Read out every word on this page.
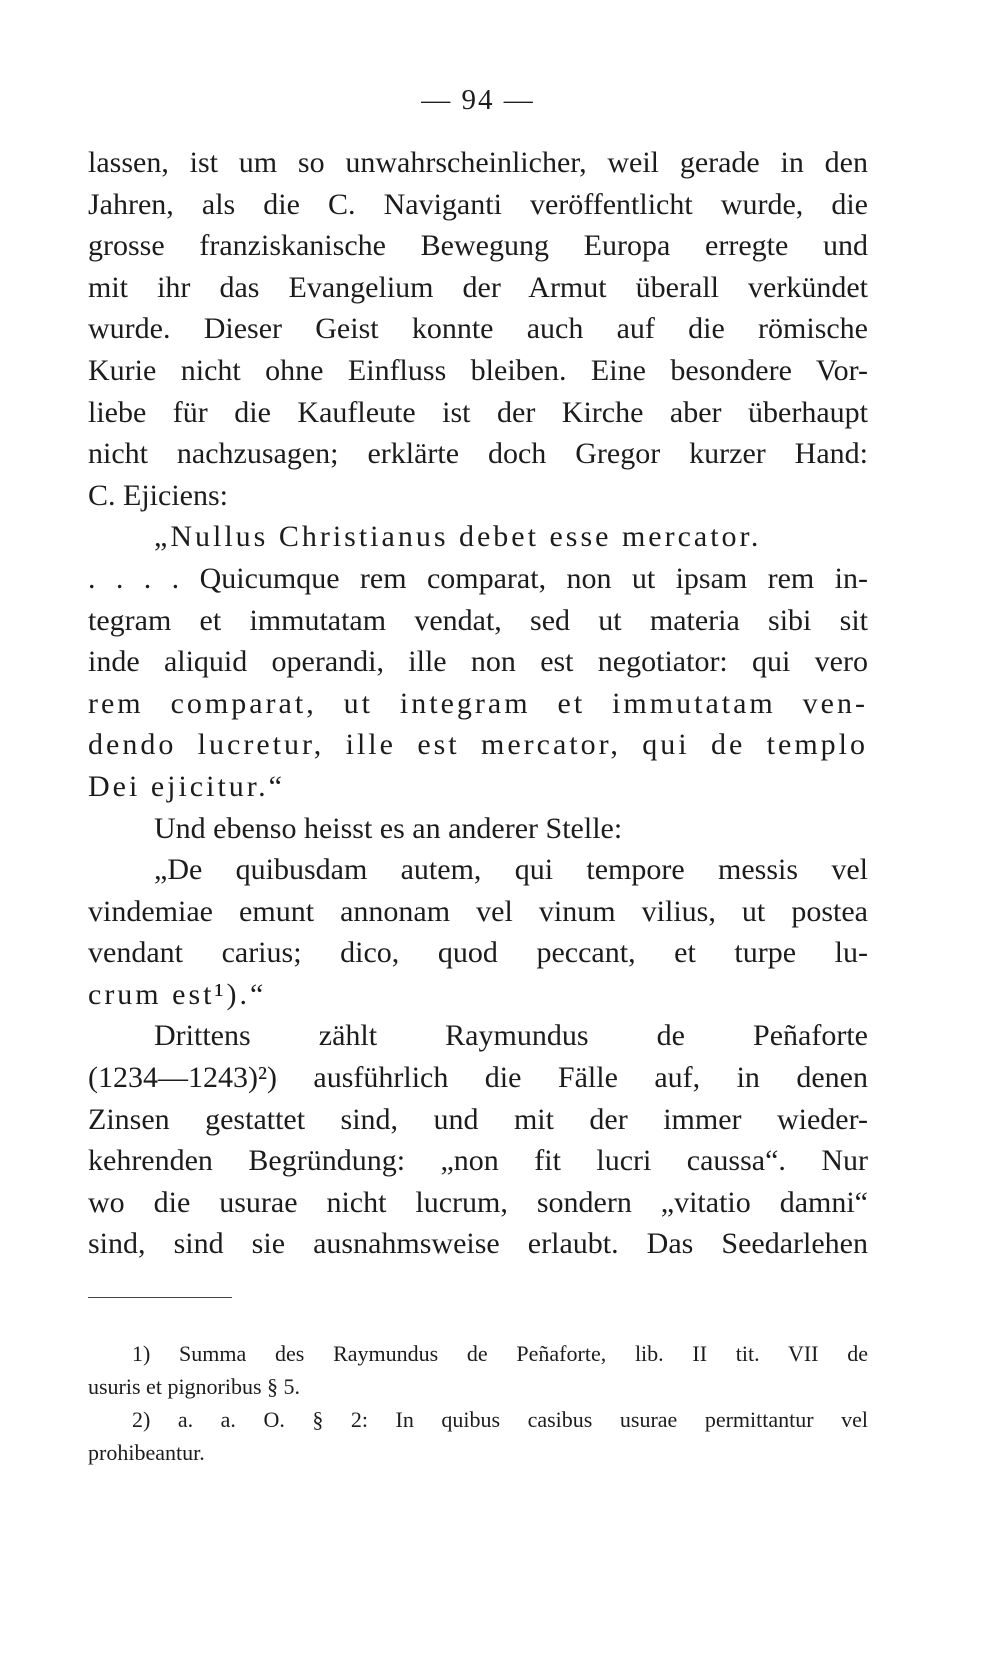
— 94 —
lassen, ist um so unwahrscheinlicher, weil gerade in den
Jahren, als die C. Naviganti veröffentlicht wurde, die
grosse franziskanische Bewegung Europa erregte und
mit ihr das Evangelium der Armut überall verkündet
wurde. Dieser Geist konnte auch auf die römische
Kurie nicht ohne Einfluss bleiben. Eine besondere Vor-
liebe für die Kaufleute ist der Kirche aber überhaupt
nicht nachzusagen; erklärte doch Gregor kurzer Hand:
C. Ejiciens:
„Nullus Christianus debet esse mercator.
. . . . Quicumque rem comparat, non ut ipsam rem in-
tegram et immutatam vendat, sed ut materia sibi sit
inde aliquid operandi, ille non est negotiator: qui vero
rem comparat, ut integram et immutatam ven-
dendo lucretur, ille est mercator, qui de templo
Dei ejicitur.“
Und ebenso heisst es an anderer Stelle:
„De quibusdam autem, qui tempore messis vel
vindemiae emunt annonam vel vinum vilius, ut postea
vendant carius; dico, quod peccant, et turpe lu-
crum est¹).“
Drittens zählt Raymundus de Peñaforte
(1234—1243)²) ausführlich die Fälle auf, in denen
Zinsen gestattet sind, und mit der immer wieder-
kehrenden Begründung: „non fit lucri caussa“. Nur
wo die usurae nicht lucrum, sondern „vitatio damni“
sind, sind sie ausnahmsweise erlaubt. Das Seedarlehen
1) Summa des Raymundus de Peñaforte, lib. II tit. VII de
usuris et pignoribus § 5.
2) a. a. O. § 2: In quibus casibus usurae permittantur vel
prohibeantur.
